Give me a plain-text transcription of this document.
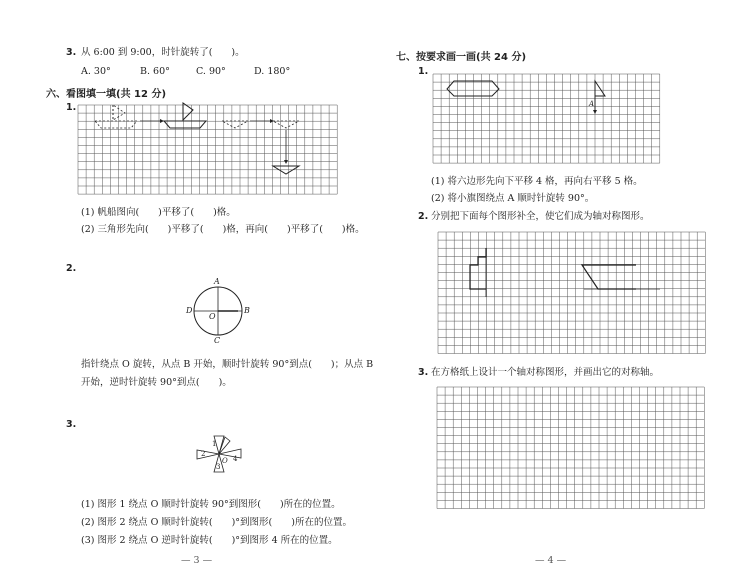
3. 从 6:00 到 9:00，时针旋转了(　　)。
A. 30°	B. 60°	C. 90°	D. 180°
六、看图填一填(共 12 分)
1.
(1) 帆船图向(　　)平移了(　　)格。
(2) 三角形先向(　　)平移了(　　)格，再向(　　)平移了(　　)格。
2.
A
B
C
D
O
指针绕点 O 旋转，从点 B 开始，顺时针旋转 90°到点(　　)；从点 B
开始，逆时针旋转 90°到点(　　)。
3.
2
1
3
4
O
(1) 图形 1 绕点 O 顺时针旋转 90°到图形(　　)所在的位置。
(2) 图形 2 绕点 O 顺时针旋转(　　)°到图形(　　)所在的位置。
(3) 图形 2 绕点 O 逆时针旋转(　　)°到图形 4 所在的位置。
— 3 —
七、按要求画一画(共 24 分)
1.
A
(1) 将六边形先向下平移 4 格，再向右平移 5 格。
(2) 将小旗图绕点 A 顺时针旋转 90°。
2. 分别把下面每个图形补全，使它们成为轴对称图形。
3. 在方格纸上设计一个轴对称图形，并画出它的对称轴。
— 4 —
